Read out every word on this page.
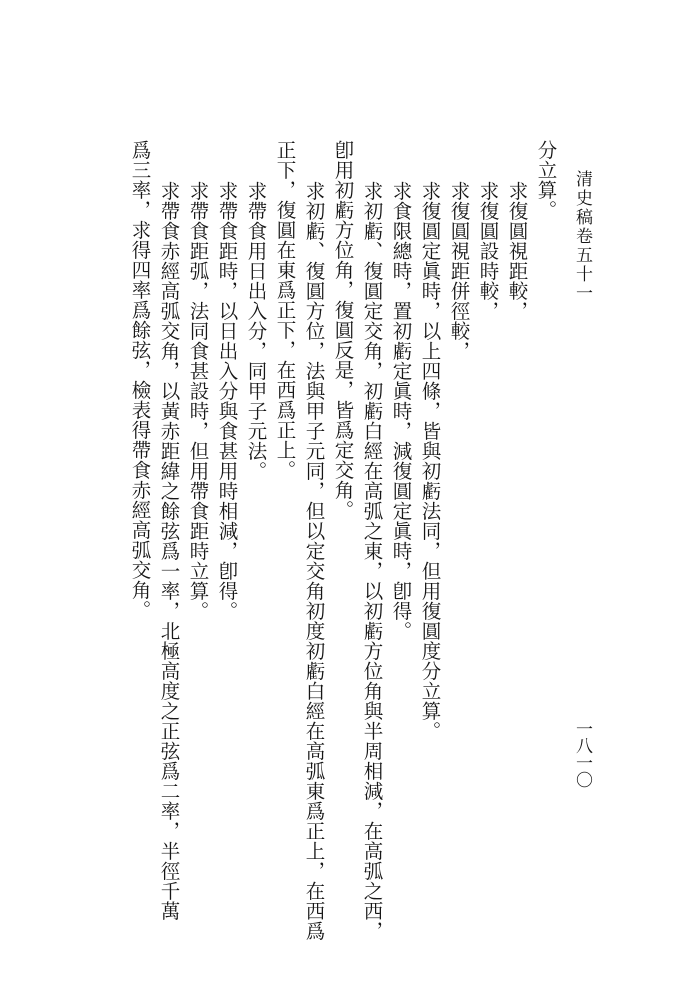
清史稿卷五十一
一八一〇
分立算。
求復圓視距較，
求復圓設時較，
求復圓視距併徑較，
求復圓定眞時，以上四條，皆與初虧法同，但用復圓度分立算。
求食限總時，置初虧定眞時，減復圓定眞時，卽得。
求初虧、復圓定交角，初虧白經在高弧之東，以初虧方位角與半周相減，在高弧之西，
卽用初虧方位角，復圓反是，皆爲定交角。
求初虧、復圓方位，法與甲子元同，但以定交角初度初虧白經在高弧東爲正上，在西爲
正下，復圓在東爲正下，在西爲正上。
求帶食用日出入分，同甲子元法。
求帶食距時，以日出入分與食甚用時相減，卽得。
求帶食距弧，法同食甚設時，但用帶食距時立算。
求帶食赤經高弧交角，以黃赤距緯之餘弦爲一率，北極高度之正弦爲二率，半徑千萬
爲三率，求得四率爲餘弦，檢表得帶食赤經高弧交角。
